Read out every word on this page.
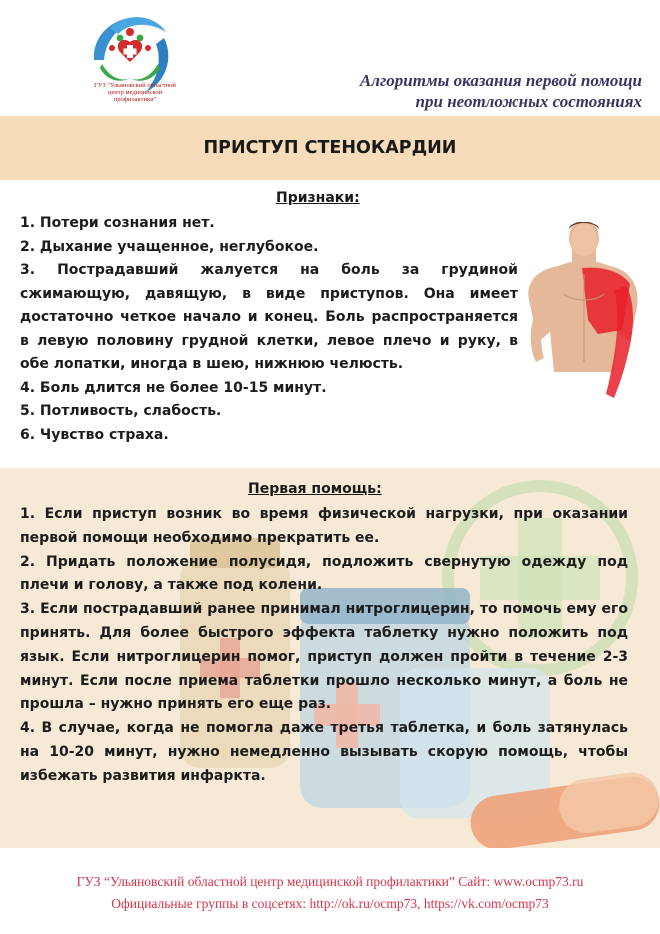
ГУЗ "Ульяновский областной центр медицинской профилактики"
Алгоритмы оказания первой помощи
при неотложных состояниях
ПРИСТУП СТЕНОКАРДИИ
Признаки:

1. Потери сознания нет.

2. Дыхание учащенное, неглубокое.

3. Пострадавший жалуется на боль за грудиной сжимающую, давящую, в виде приступов. Она имеет достаточно четкое начало и конец. Боль распространяется в левую половину грудной клетки, левое плечо и руку, в обе лопатки, иногда в шею, нижнюю челюсть.

4. Боль длится не более 10-15 минут.

5. Потливость, слабость.

6. Чувство страха.

Первая помощь:

1. Если приступ возник во время физической нагрузки, при оказании первой помощи необходимо прекратить ее.

2. Придать положение полусидя, подложить свернутую одежду под плечи и голову, а также под колени.

3. Если пострадавший ранее принимал нитроглицерин, то помочь ему его принять. Для более быстрого эффекта таблетку нужно положить под язык. Если нитроглицерин помог, приступ должен пройти в течение 2-3 минут. Если после приема таблетки прошло несколько минут, а боль не прошла – нужно принять его еще раз.

4. В случае, когда не помогла даже третья таблетка, и боль затянулась на 10-20 минут, нужно немедленно вызывать скорую помощь, чтобы избежать развития инфаркта.

ГУЗ “Ульяновский областной центр медицинской профилактики” Сайт: www.ocmp73.ru
Официальные группы в соцсетях: http://ok.ru/ocmp73, https://vk.com/ocmp73
